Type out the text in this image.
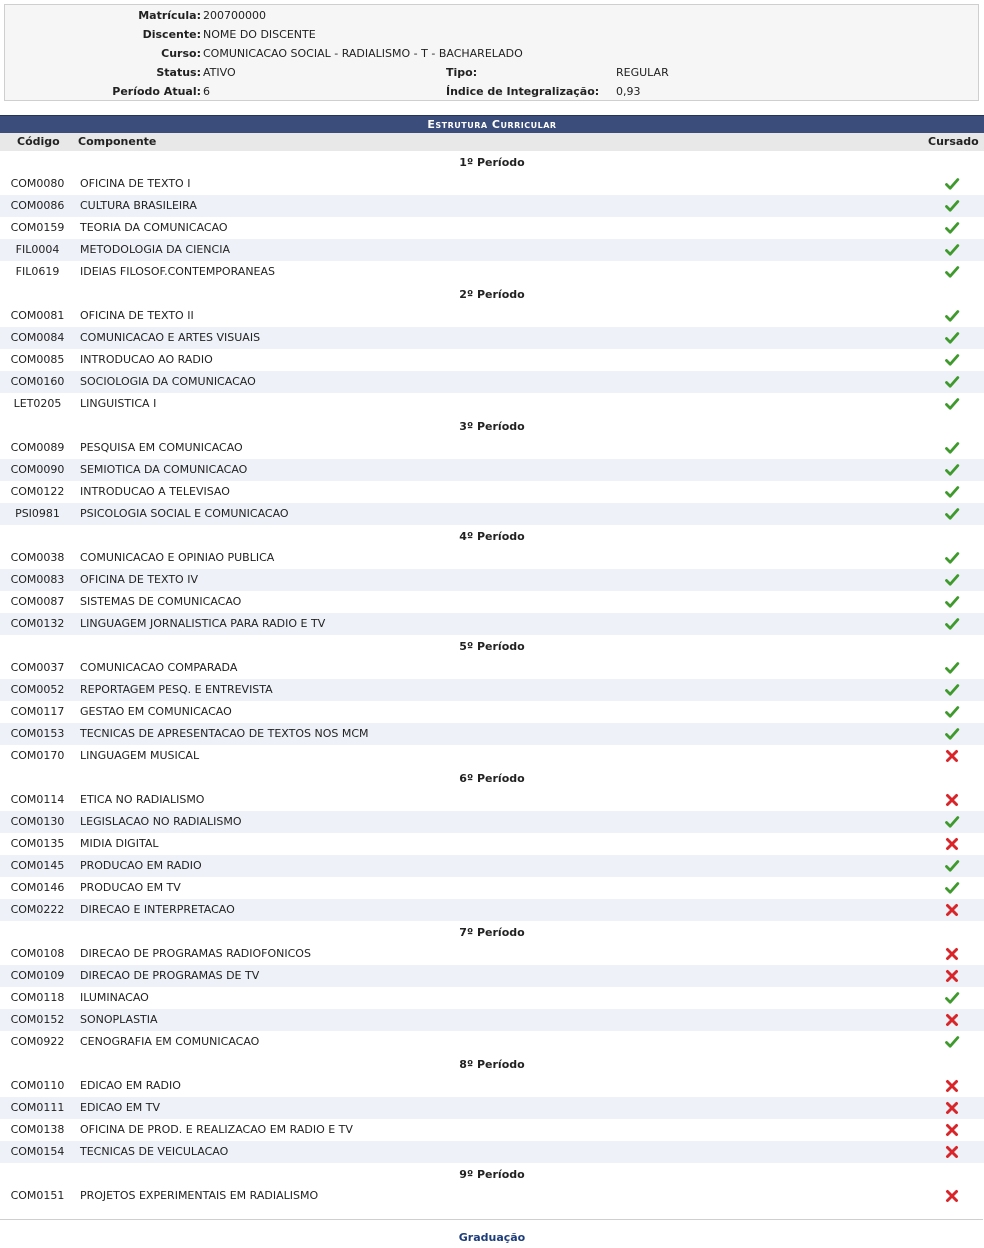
Matrícula: 200700000
Discente: NOME DO DISCENTE
Curso: COMUNICACAO SOCIAL - RADIALISMO - T - BACHARELADO
Status: ATIVO	Tipo:	REGULAR
Período Atual: 6	Índice de Integralização: 0,93
Estrutura Curricular
Código Componente	Cursado
1º Período
COM0080	OFICINA DE TEXTO I
COM0086	CULTURA BRASILEIRA
COM0159	TEORIA DA COMUNICACAO
FIL0004	METODOLOGIA DA CIENCIA
FIL0619	IDEIAS FILOSOF.CONTEMPORANEAS
2º Período
COM0081	OFICINA DE TEXTO II
COM0084	COMUNICACAO E ARTES VISUAIS
COM0085	INTRODUCAO AO RADIO
COM0160	SOCIOLOGIA DA COMUNICACAO
LET0205	LINGUISTICA I
3º Período
COM0089	PESQUISA EM COMUNICACAO
COM0090	SEMIOTICA DA COMUNICACAO
COM0122	INTRODUCAO A TELEVISAO
PSI0981	PSICOLOGIA SOCIAL E COMUNICACAO
4º Período
COM0038	COMUNICACAO E OPINIAO PUBLICA
COM0083	OFICINA DE TEXTO IV
COM0087	SISTEMAS DE COMUNICACAO
COM0132	LINGUAGEM JORNALISTICA PARA RADIO E TV
5º Período
COM0037	COMUNICACAO COMPARADA
COM0052	REPORTAGEM PESQ. E ENTREVISTA
COM0117	GESTAO EM COMUNICACAO
COM0153	TECNICAS DE APRESENTACAO DE TEXTOS NOS MCM
COM0170	LINGUAGEM MUSICAL
6º Período
COM0114	ETICA NO RADIALISMO
COM0130	LEGISLACAO NO RADIALISMO
COM0135	MIDIA DIGITAL
COM0145	PRODUCAO EM RADIO
COM0146	PRODUCAO EM TV
COM0222	DIRECAO E INTERPRETACAO
7º Período
COM0108	DIRECAO DE PROGRAMAS RADIOFONICOS
COM0109	DIRECAO DE PROGRAMAS DE TV
COM0118	ILUMINACAO
COM0152	SONOPLASTIA
COM0922	CENOGRAFIA EM COMUNICACAO
8º Período
COM0110	EDICAO EM RADIO
COM0111	EDICAO EM TV
COM0138	OFICINA DE PROD. E REALIZACAO EM RADIO E TV
COM0154	TECNICAS DE VEICULACAO
9º Período
COM0151	PROJETOS EXPERIMENTAIS EM RADIALISMO
Graduação
